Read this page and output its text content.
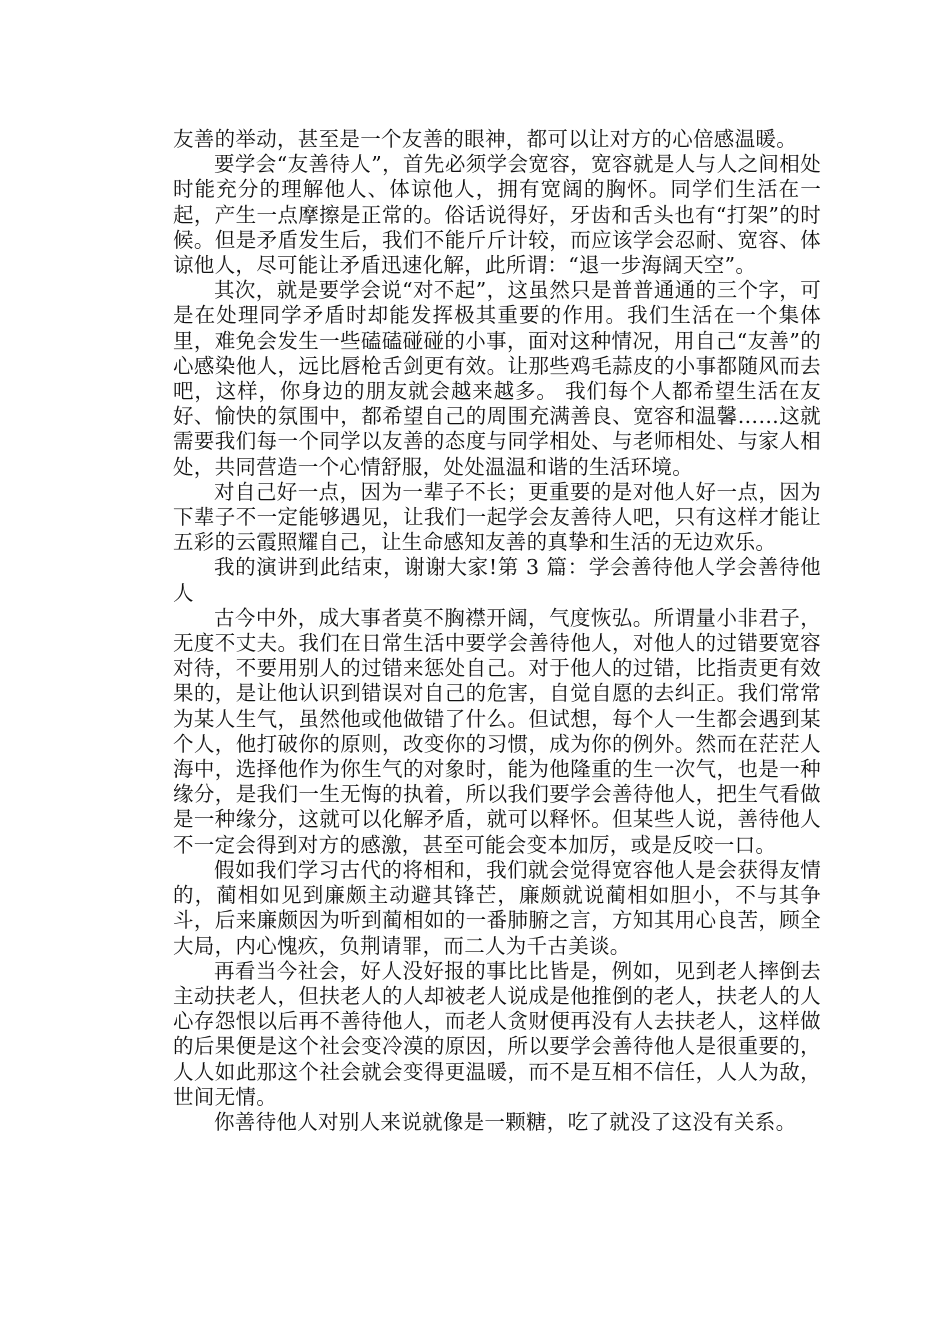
友善的举动，甚至是一个友善的眼神，都可以让对方的心倍感温暖。

要学会“友善待人”，首先必须学会宽容，宽容就是人与人之间相处时能充分的理解他人、体谅他人，拥有宽阔的胸怀。同学们生活在一起，产生一点摩擦是正常的。俗话说得好，牙齿和舌头也有“打架”的时候。但是矛盾发生后，我们不能斤斤计较，而应该学会忍耐、宽容、体谅他人，尽可能让矛盾迅速化解，此所谓：“退一步海阔天空”。

其次，就是要学会说“对不起”，这虽然只是普普通通的三个字，可是在处理同学矛盾时却能发挥极其重要的作用。我们生活在一个集体里，难免会发生一些磕磕碰碰的小事，面对这种情况，用自己“友善”的心感染他人，远比唇枪舌剑更有效。让那些鸡毛蒜皮的小事都随风而去吧，这样，你身边的朋友就会越来越多。 我们每个人都希望生活在友好、愉快的氛围中，都希望自己的周围充满善良、宽容和温馨……这就需要我们每一个同学以友善的态度与同学相处、与老师相处、与家人相处，共同营造一个心情舒服，处处温温和谐的生活环境。

对自己好一点，因为一辈子不长；更重要的是对他人好一点，因为下辈子不一定能够遇见，让我们一起学会友善待人吧，只有这样才能让五彩的云霞照耀自己，让生命感知友善的真挚和生活的无边欢乐。

我的演讲到此结束，谢谢大家!第 3 篇：学会善待他人学会善待他人

古今中外，成大事者莫不胸襟开阔，气度恢弘。所谓量小非君子，无度不丈夫。我们在日常生活中要学会善待他人，对他人的过错要宽容对待，不要用别人的过错来惩处自己。对于他人的过错，比指责更有效果的，是让他认识到错误对自己的危害，自觉自愿的去纠正。我们常常为某人生气，虽然他或他做错了什么。但试想，每个人一生都会遇到某个人，他打破你的原则，改变你的习惯，成为你的例外。然而在茫茫人海中，选择他作为你生气的对象时，能为他隆重的生一次气，也是一种缘分，是我们一生无悔的执着，所以我们要学会善待他人，把生气看做是一种缘分，这就可以化解矛盾，就可以释怀。但某些人说，善待他人不一定会得到对方的感激，甚至可能会变本加厉，或是反咬一口。

假如我们学习古代的将相和，我们就会觉得宽容他人是会获得友情的，蔺相如见到廉颇主动避其锋芒，廉颇就说蔺相如胆小，不与其争斗，后来廉颇因为听到蔺相如的一番肺腑之言，方知其用心良苦，顾全大局，内心愧疚，负荆请罪，而二人为千古美谈。

再看当今社会，好人没好报的事比比皆是，例如，见到老人摔倒去主动扶老人，但扶老人的人却被老人说成是他推倒的老人，扶老人的人心存怨恨以后再不善待他人，而老人贪财便再没有人去扶老人，这样做的后果便是这个社会变冷漠的原因，所以要学会善待他人是很重要的，人人如此那这个社会就会变得更温暖，而不是互相不信任，人人为敌，世间无情。

你善待他人对别人来说就像是一颗糖，吃了就没了这没有关系。
